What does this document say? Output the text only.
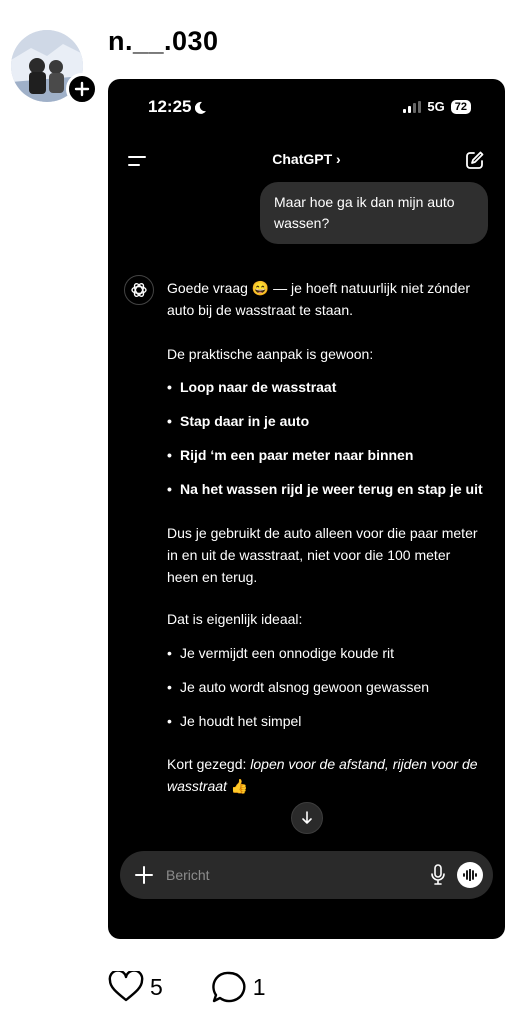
n.__.030
12:25	5G 72
ChatGPT ›
Maar hoe ga ik dan mijn auto wassen?

Goede vraag 😄 — je hoeft natuurlijk niet zónder auto bij de wasstraat te staan.

De praktische aanpak is gewoon:

• Loop naar de wasstraat

• Stap daar in je auto

• Rijd ‘m een paar meter naar binnen

• Na het wassen rijd je weer terug en stap je uit

Dus je gebruikt de auto alleen voor die paar meter in en uit de wasstraat, niet voor die 100 meter heen en terug.

Dat is eigenlijk ideaal:

• Je vermijdt een onnodige koude rit

• Je auto wordt alsnog gewoon gewassen

• Je houdt het simpel

Kort gezegd: lopen voor de afstand, rijden voor de wasstraat 👍

Bericht
5	1
